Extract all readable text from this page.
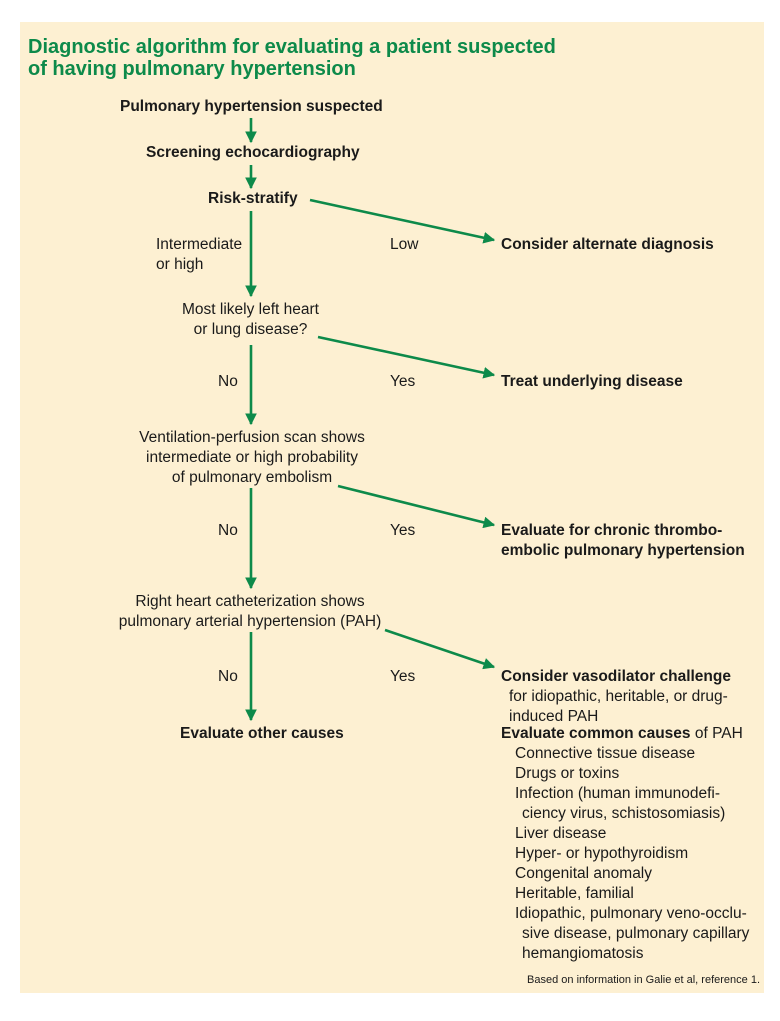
Diagnostic algorithm for evaluating a patient suspected
of having pulmonary hypertension
Pulmonary hypertension suspected
Screening echocardiography
Risk-stratify
Intermediate
or high
Most likely left heart
or lung disease?
Ventilation-perfusion scan shows
intermediate or high probability
of pulmonary embolism
Right heart catheterization shows
pulmonary arterial hypertension (PAH)
Evaluate other causes
Low
No	Yes
No	Yes
No	Yes
Consider alternate diagnosis
Treat underlying disease
Evaluate for chronic thrombo-
embolic pulmonary hypertension
Consider vasodilator challenge
for idiopathic, heritable, or drug-
induced PAH
Evaluate common causes of PAH
Connective tissue disease
Drugs or toxins
Infection (human immunodefi-
ciency virus, schistosomiasis)
Liver disease
Hyper- or hypothyroidism
Congenital anomaly
Heritable, familial
Idiopathic, pulmonary veno-occlu-
sive disease, pulmonary capillary
hemangiomatosis
Based on information in Galie et al, reference 1.
